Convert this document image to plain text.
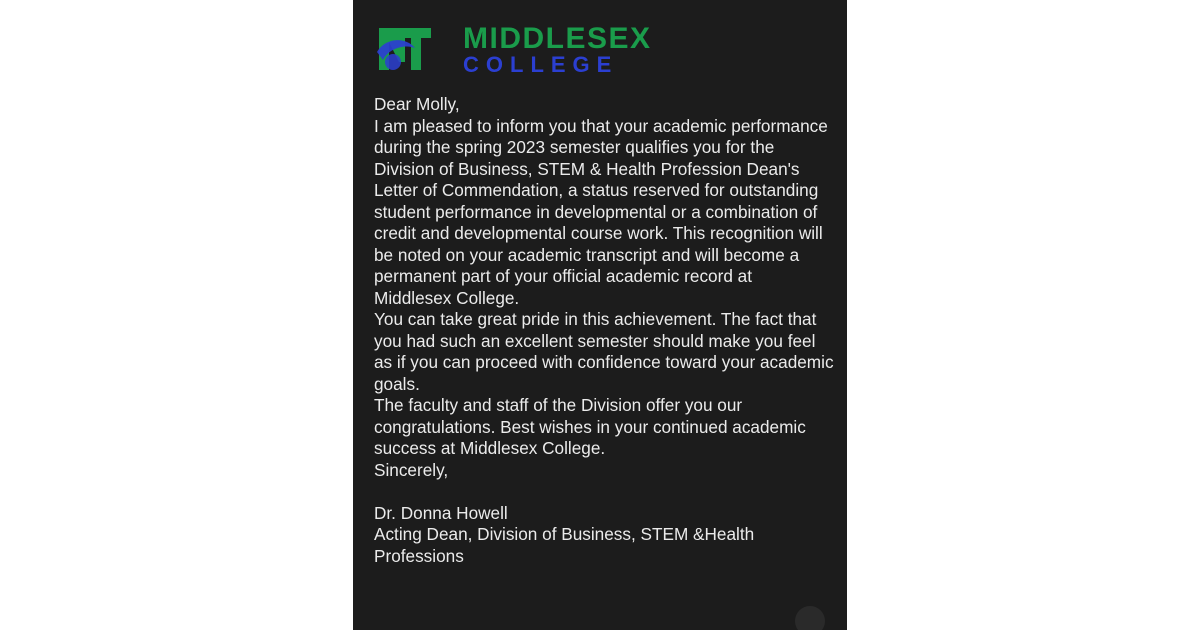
MIDDLESEX COLLEGE

Dear Molly,

I am pleased to inform you that your academic performance during the spring 2023 semester qualifies you for the Division of Business, STEM & Health Profession Dean's Letter of Commendation, a status reserved for outstanding student performance in developmental or a combination of credit and developmental course work. This recognition will be noted on your academic transcript and will become a permanent part of your official academic record at Middlesex College.

You can take great pride in this achievement. The fact that you had such an excellent semester should make you feel as if you can proceed with confidence toward your academic goals.

The faculty and staff of the Division offer you our congratulations. Best wishes in your continued academic success at Middlesex College.

Sincerely,

Dr. Donna Howell

Acting Dean, Division of Business, STEM &Health Professions
